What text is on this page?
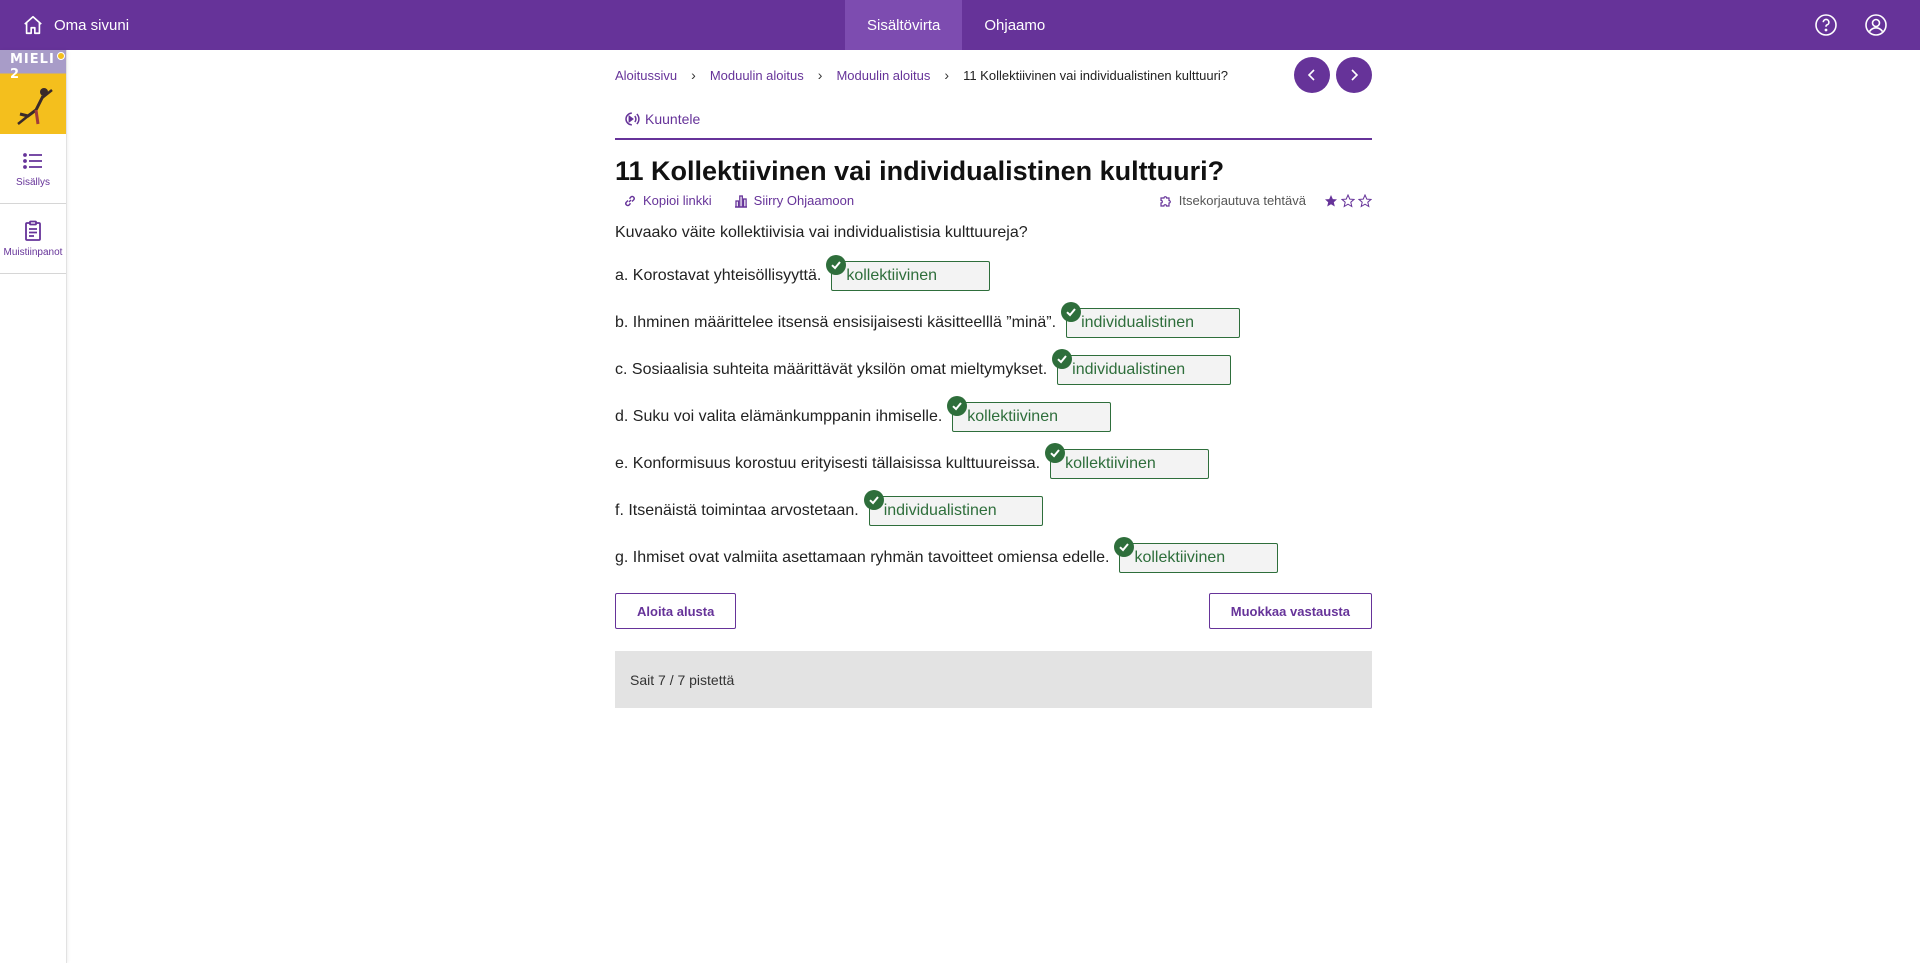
Oma sivuni	Sisältövirta	Ohjaamo
MIELI 2
Sisällys
Muistiinpanot
Aloitussivu › Moduulin aloitus › Moduulin aloitus › 11 Kollektiivinen vai individualistinen kulttuuri?
Kuuntele
11 Kollektiivinen vai individualistinen kulttuuri?
Kopioi linkki	Siirry Ohjaamoon	Itsekorjautuva tehtävä
Kuvaako väite kollektiivisia vai individualistisia kulttuureja?
a. Korostavat yhteisöllisyyttä. kollektiivinen
b. Ihminen määrittelee itsensä ensisijaisesti käsitteelllä ”minä”. individualistinen
c. Sosiaalisia suhteita määrittävät yksilön omat mieltymykset. individualistinen
d. Suku voi valita elämänkumppanin ihmiselle. kollektiivinen
e. Konformisuus korostuu erityisesti tällaisissa kulttuureissa. kollektiivinen
f. Itsenäistä toimintaa arvostetaan. individualistinen
g. Ihmiset ovat valmiita asettamaan ryhmän tavoitteet omiensa edelle. kollektiivinen
Aloita alusta	Muokkaa vastausta
Sait 7 / 7 pistettä
